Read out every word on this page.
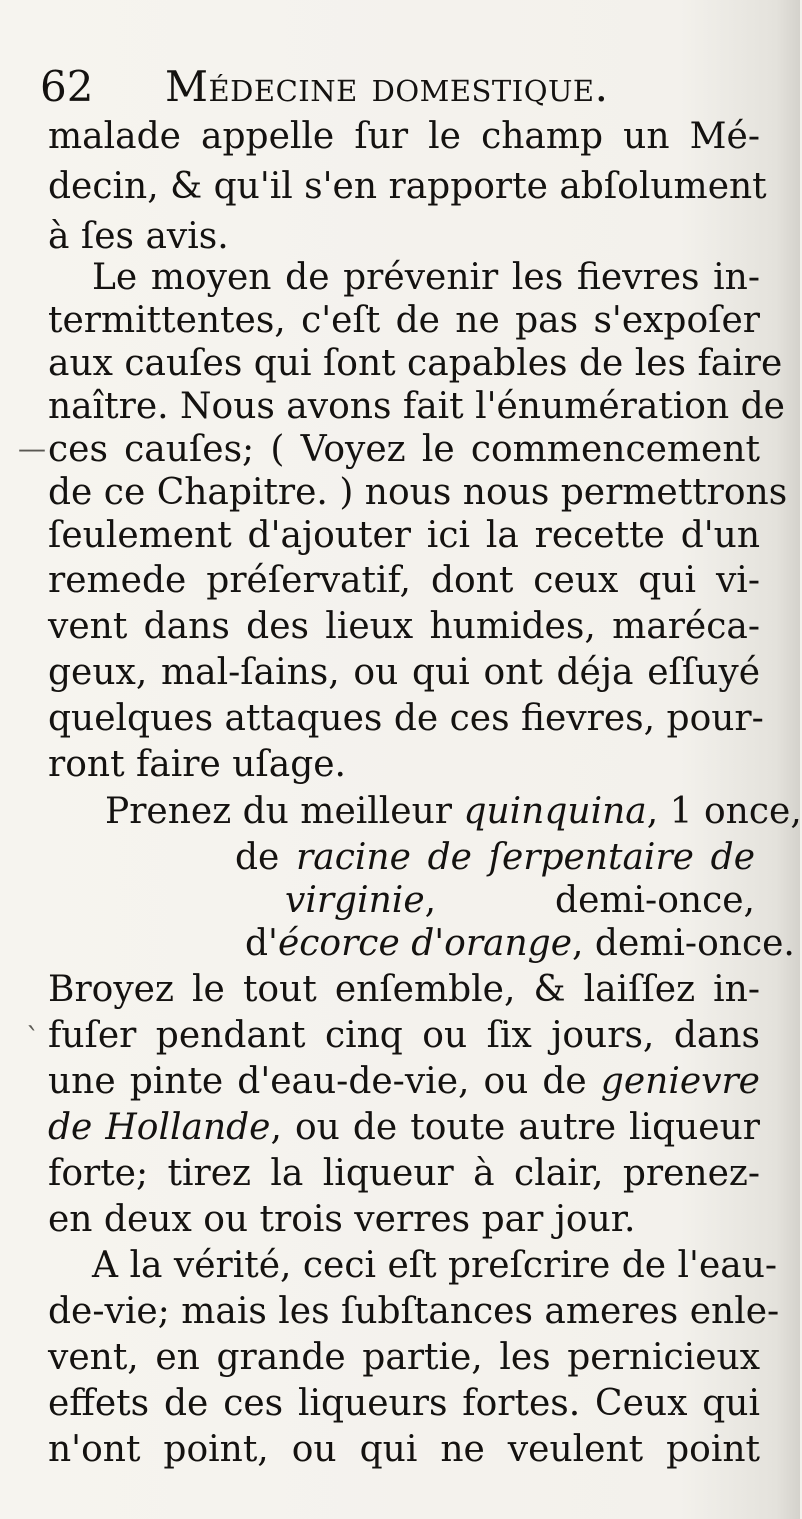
62 Médecine domestique.
malade appelle ſur le champ un Mé-
decin, & qu'il s'en rapporte abſolument
à ſes avis.
Le moyen de prévenir les fievres in-
termittentes, c'eſt de ne pas s'expoſer
aux cauſes qui ſont capables de les faire
naître. Nous avons fait l'énumération de
ces cauſes; ( Voyez le commencement
de ce Chapitre. ) nous nous permettrons
ſeulement d'ajouter ici la recette d'un
remede préſervatif, dont ceux qui vi-
vent dans des lieux humides, maréca-
geux, mal-ſains, ou qui ont déja eſſuyé
quelques attaques de ces fievres, pour-
ront faire uſage.
Prenez du meilleur quinquina, 1 once,
de racine de ſerpentaire de
virginie, demi-once,
d'écorce d'orange, demi-once.
Broyez le tout enſemble, & laiſſez in-
fuſer pendant cinq ou ſix jours, dans
une pinte d'eau-de-vie, ou de genievre
de Hollande, ou de toute autre liqueur
forte; tirez la liqueur à clair, prenez-
en deux ou trois verres par jour.
A la vérité, ceci eſt preſcrire de l'eau-
de-vie; mais les ſubſtances ameres enle-
vent, en grande partie, les pernicieux
effets de ces liqueurs fortes. Ceux qui
n'ont point, ou qui ne veulent point
—
`
